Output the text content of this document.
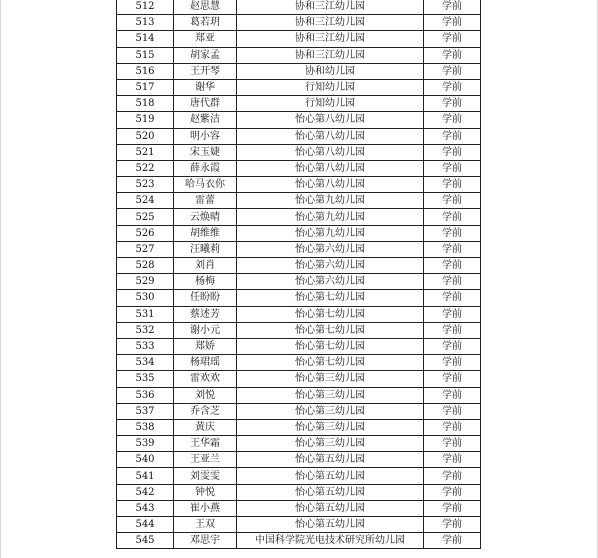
512	赵思慧	协和三江幼儿园	学前
513	葛若玥	协和三江幼儿园	学前
514	郑亚	协和三江幼儿园	学前
515	胡家孟	协和三江幼儿园	学前
516	王开琴	协和幼儿园	学前
517	谢华	行知幼儿园	学前
518	唐代群	行知幼儿园	学前
519	赵紫洁	怡心第八幼儿园	学前
520	明小容	怡心第八幼儿园	学前
521	宋玉婕	怡心第八幼儿园	学前
522	薛永霞	怡心第八幼儿园	学前
523	哈马衣你	怡心第八幼儿园	学前
524	雷蕾	怡心第九幼儿园	学前
525	云焕晴	怡心第九幼儿园	学前
526	胡维维	怡心第九幼儿园	学前
527	汪曦莉	怡心第六幼儿园	学前
528	刘肖	怡心第六幼儿园	学前
529	杨梅	怡心第六幼儿园	学前
530	任盼盼	怡心第七幼儿园	学前
531	蔡述芳	怡心第七幼儿园	学前
532	谢小元	怡心第七幼儿园	学前
533	郑娇	怡心第七幼儿园	学前
534	杨珺瑶	怡心第七幼儿园	学前
535	雷欢欢	怡心第三幼儿园	学前
536	刘悦	怡心第三幼儿园	学前
537	乔含芝	怡心第三幼儿园	学前
538	黄庆	怡心第三幼儿园	学前
539	王华霜	怡心第三幼儿园	学前
540	王亚兰	怡心第五幼儿园	学前
541	刘雯雯	怡心第五幼儿园	学前
542	钟悦	怡心第五幼儿园	学前
543	崔小燕	怡心第五幼儿园	学前
544	王双	怡心第五幼儿园	学前
545	邓思宇	中国科学院光电技术研究所幼儿园	学前
